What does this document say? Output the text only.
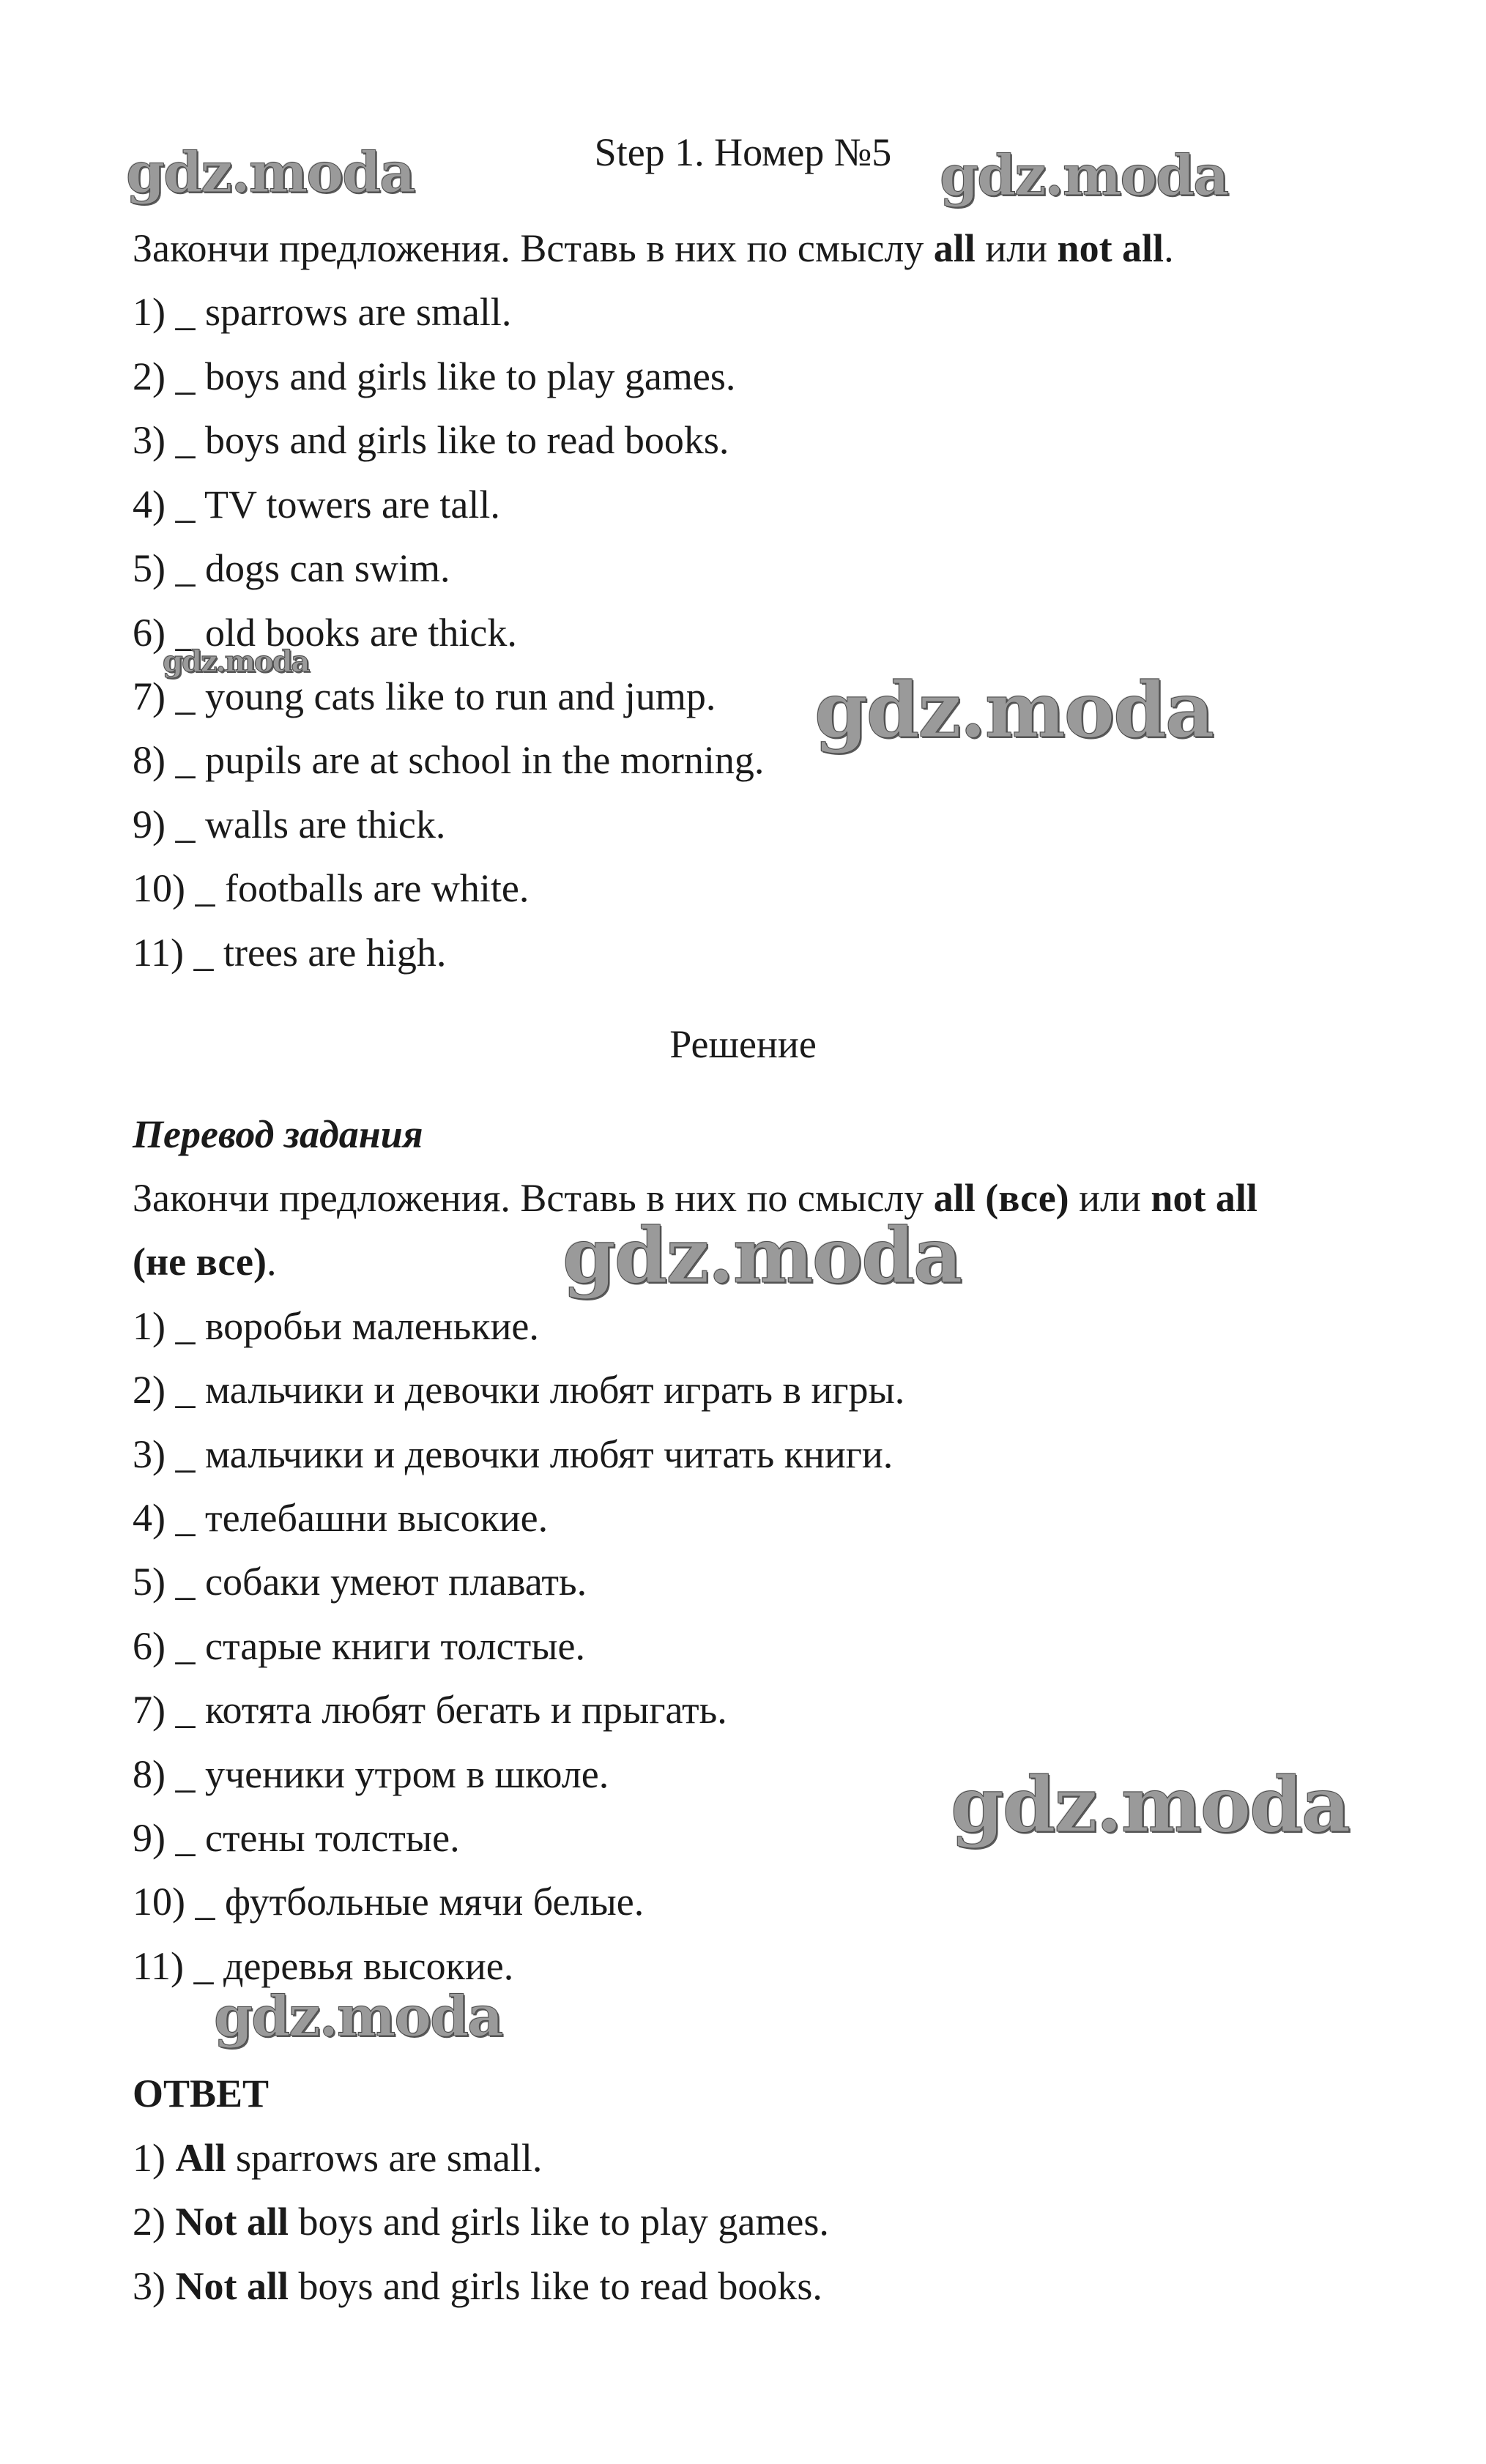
Step 1. Номер №5
Закончи предложения. Вставь в них по смыслу all или not all.
1) _ sparrows are small.
2) _ boys and girls like to play games.
3) _ boys and girls like to read books.
4) _ TV towers are tall.
5) _ dogs can swim.
6) _ old books are thick.
7) _ young cats like to run and jump.
8) _ pupils are at school in the morning.
9) _ walls are thick.
10) _ footballs are white.
11) _ trees are high.
Решение
Перевод задания
Закончи предложения. Вставь в них по смыслу all (все) или not all
(не все).
1) _ воробьи маленькие.
2) _ мальчики и девочки любят играть в игры.
3) _ мальчики и девочки любят читать книги.
4) _ телебашни высокие.
5) _ собаки умеют плавать.
6) _ старые книги толстые.
7) _ котята любят бегать и прыгать.
8) _ ученики утром в школе.
9) _ стены толстые.
10) _ футбольные мячи белые.
11) _ деревья высокие.
ОТВЕТ
1) All sparrows are small.
2) Not all boys and girls like to play games.
3) Not all boys and girls like to read books.
gdz.moda	gdz.moda
gdz.moda
gdz.moda
gdz.moda
gdz.moda
gdz.moda
